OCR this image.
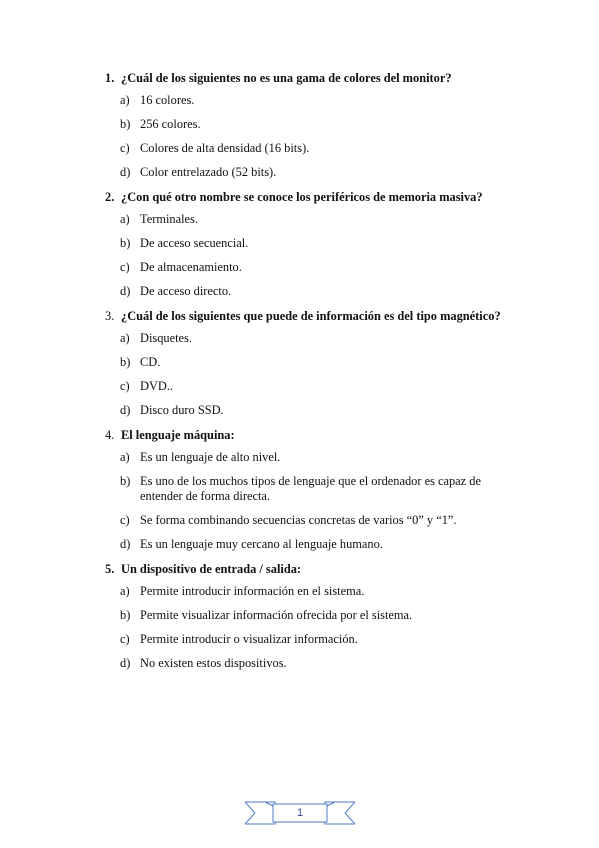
1. ¿Cuál de los siguientes no es una gama de colores del monitor?
a) 16 colores.
b) 256 colores.
c) Colores de alta densidad (16 bits).
d) Color entrelazado (52 bits).
2. ¿Con qué otro nombre se conoce los periféricos de memoria masiva?
a) Terminales.
b) De acceso secuencial.
c) De almacenamiento.
d) De acceso directo.
3. ¿Cuál de los siguientes que puede de información es del tipo magnético?
a) Disquetes.
b) CD.
c) DVD..
d) Disco duro SSD.
4. El lenguaje máquina:
a) Es un lenguaje de alto nivel.
b) Es uno de los muchos tipos de lenguaje que el ordenador es capaz de entender de forma directa.
c) Se forma combinando secuencias concretas de varios “0” y “1”.
d) Es un lenguaje muy cercano al lenguaje humano.
5. Un dispositivo de entrada / salida:
a) Permite introducir información en el sistema.
b) Permite visualizar información ofrecida por el sistema.
c) Permite introducir o visualizar información.
d) No existen estos dispositivos.
1
